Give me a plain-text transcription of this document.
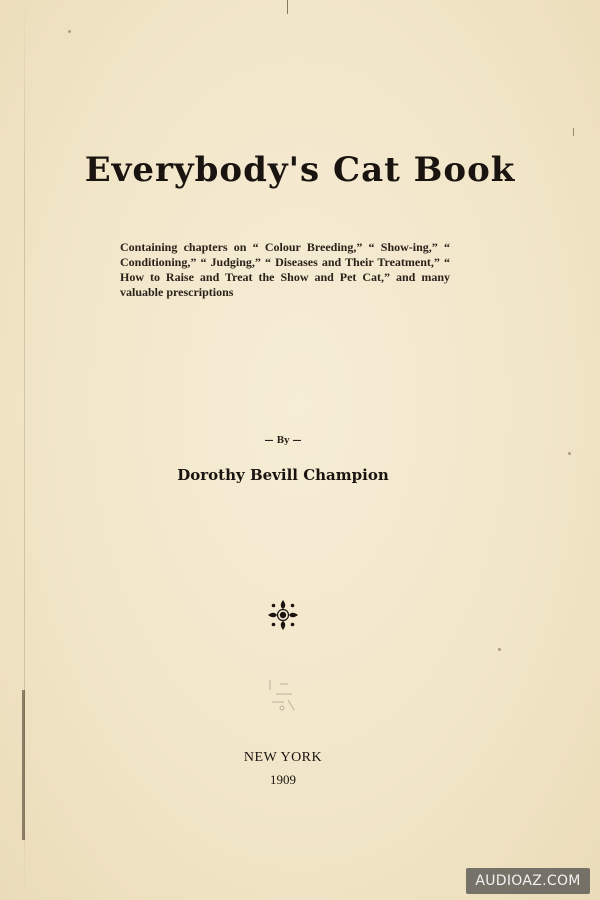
Everybody's Cat Book
Containing chapters on “ Colour Breeding,” “ Show-ing,” “ Conditioning,” “ Judging,” “ Diseases and Their Treatment,” “ How to Raise and Treat the Show and Pet Cat,” and many valuable prescriptions
— By —
Dorothy Bevill Champion
NEW YORK
1909
AUDIOAZ.COM
